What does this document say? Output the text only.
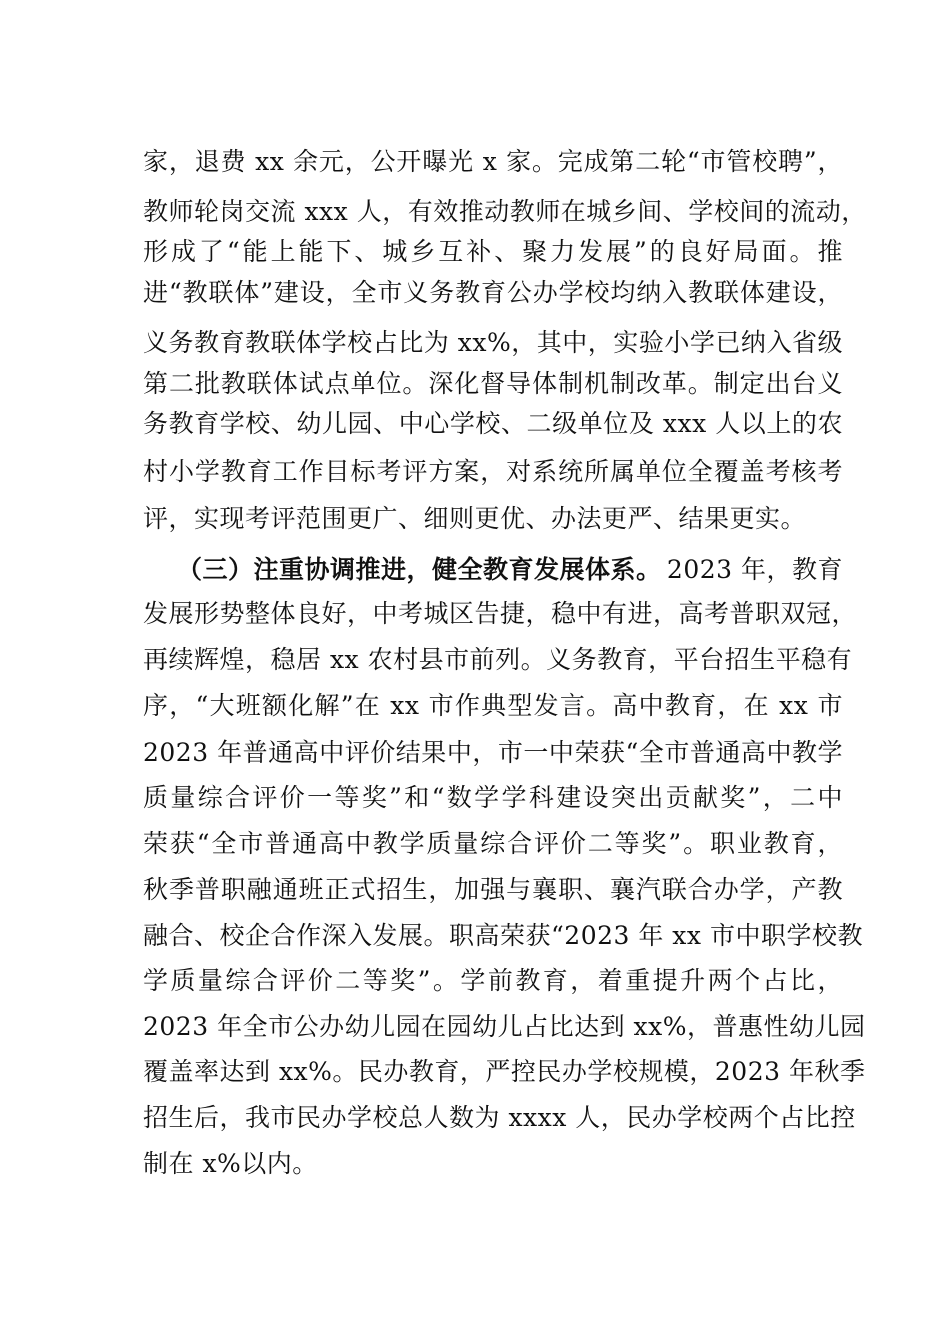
家，退费 xx 余元，公开曝光 x 家。完成第二轮“市管校聘”，
教师轮岗交流 xxx 人，有效推动教师在城乡间、学校间的流动，
形成了“能上能下、城乡互补、聚力发展”的良好局面。推
进“教联体”建设，全市义务教育公办学校均纳入教联体建设，
义务教育教联体学校占比为 xx%，其中，实验小学已纳入省级
第二批教联体试点单位。深化督导体制机制改革。制定出台义
务教育学校、幼儿园、中心学校、二级单位及 xxx 人以上的农
村小学教育工作目标考评方案，对系统所属单位全覆盖考核考
评，实现考评范围更广、细则更优、办法更严、结果更实。
（三）注重协调推进，健全教育发展体系。 2023 年，教育
发展形势整体良好，中考城区告捷，稳中有进，高考普职双冠，
再续辉煌，稳居 xx 农村县市前列。义务教育，平台招生平稳有
序，“大班额化解”在 xx 市作典型发言。高中教育，在 xx 市
2023 年普通高中评价结果中，市一中荣获“全市普通高中教学
质量综合评价一等奖”和“数学学科建设突出贡献奖”，二中
荣获“全市普通高中教学质量综合评价二等奖”。职业教育，
秋季普职融通班正式招生，加强与襄职、襄汽联合办学，产教
融合、校企合作深入发展。职高荣获“2023 年 xx 市中职学校教
学质量综合评价二等奖”。学前教育，着重提升两个占比，
2023 年全市公办幼儿园在园幼儿占比达到 xx%，普惠性幼儿园
覆盖率达到 xx%。民办教育，严控民办学校规模，2023 年秋季
招生后，我市民办学校总人数为 xxxx 人，民办学校两个占比控
制在 x%以内。
